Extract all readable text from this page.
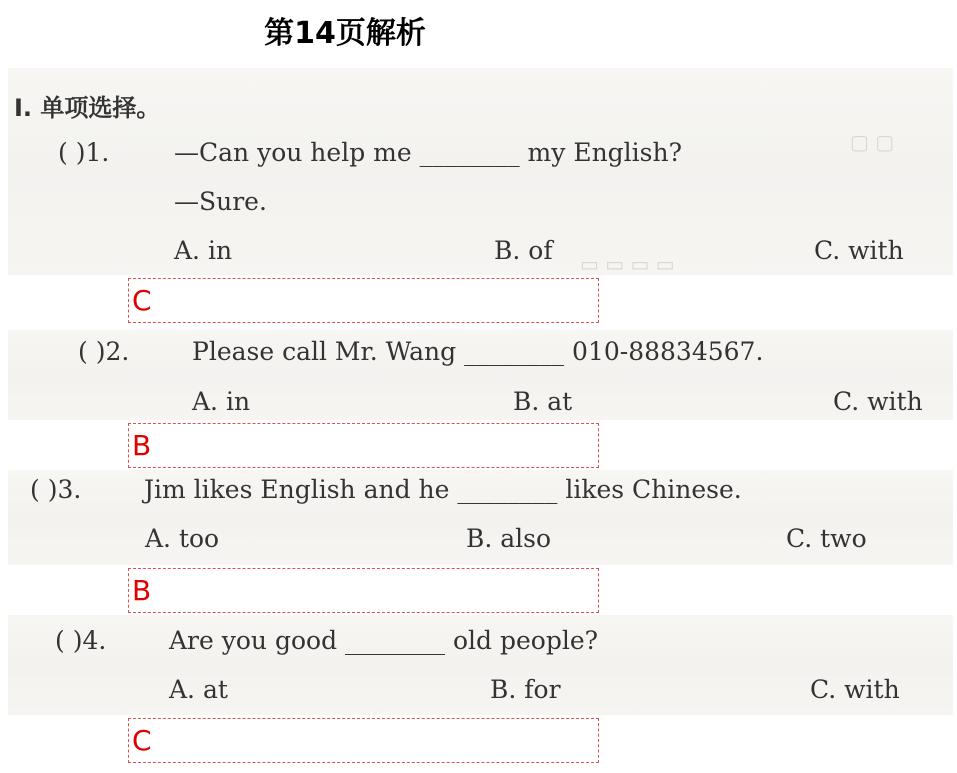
第14页解析
▢ ▢
▭ ▭ ▭ ▭
Ⅰ. 单项选择。
( )1.	—Can you help me ________ my English?
—Sure.
A. in	B. of	C. with
C
( )2.	Please call Mr. Wang ________ 010-88834567.
A. in	B. at	C. with
B
( )3.	Jim likes English and he ________ likes Chinese.
A. too	B. also	C. two
B
( )4.	Are you good ________ old people?
A. at	B. for	C. with
C
